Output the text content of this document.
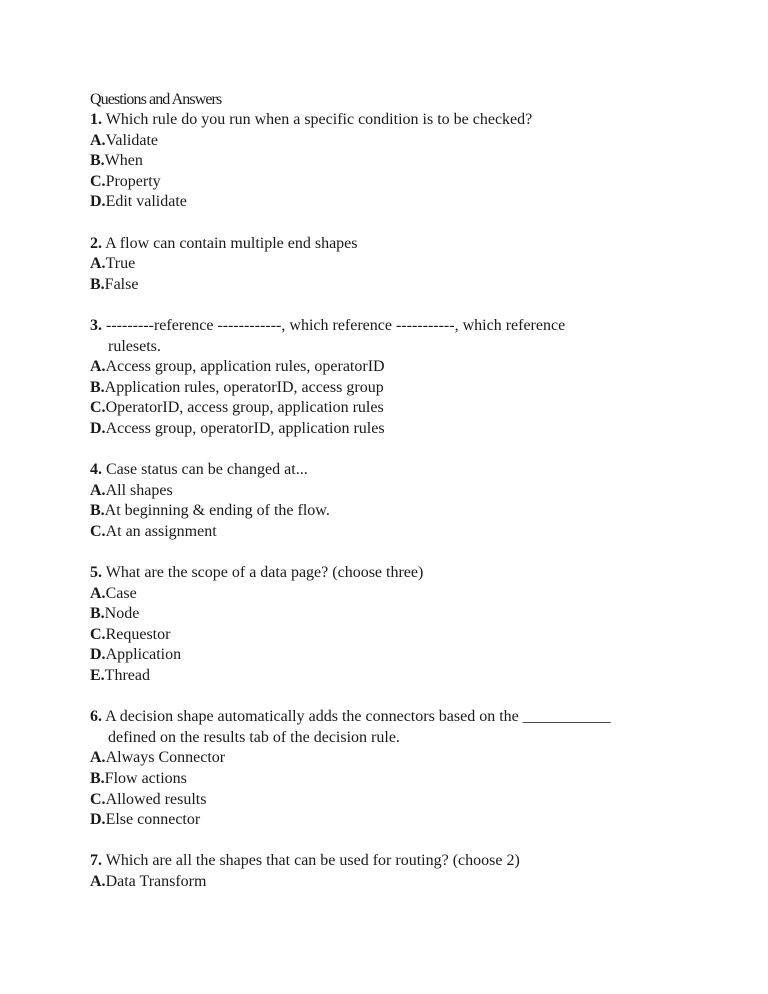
Questions and Answers
1. Which rule do you run when a specific condition is to be checked?
A.Validate
B.When
C.Property
D.Edit validate
2. A flow can contain multiple end shapes
A.True
B.False
3. ---------reference ------------, which reference -----------, which reference
rulesets.
A.Access group, application rules, operatorID
B.Application rules, operatorID, access group
C.OperatorID, access group, application rules
D.Access group, operatorID, application rules
4. Case status can be changed at...
A.All shapes
B.At beginning & ending of the flow.
C.At an assignment
5. What are the scope of a data page? (choose three)
A.Case
B.Node
C.Requestor
D.Application
E.Thread
6. A decision shape automatically adds the connectors based on the ___________
defined on the results tab of the decision rule.
A.Always Connector
B.Flow actions
C.Allowed results
D.Else connector
7. Which are all the shapes that can be used for routing? (choose 2)
A.Data Transform
